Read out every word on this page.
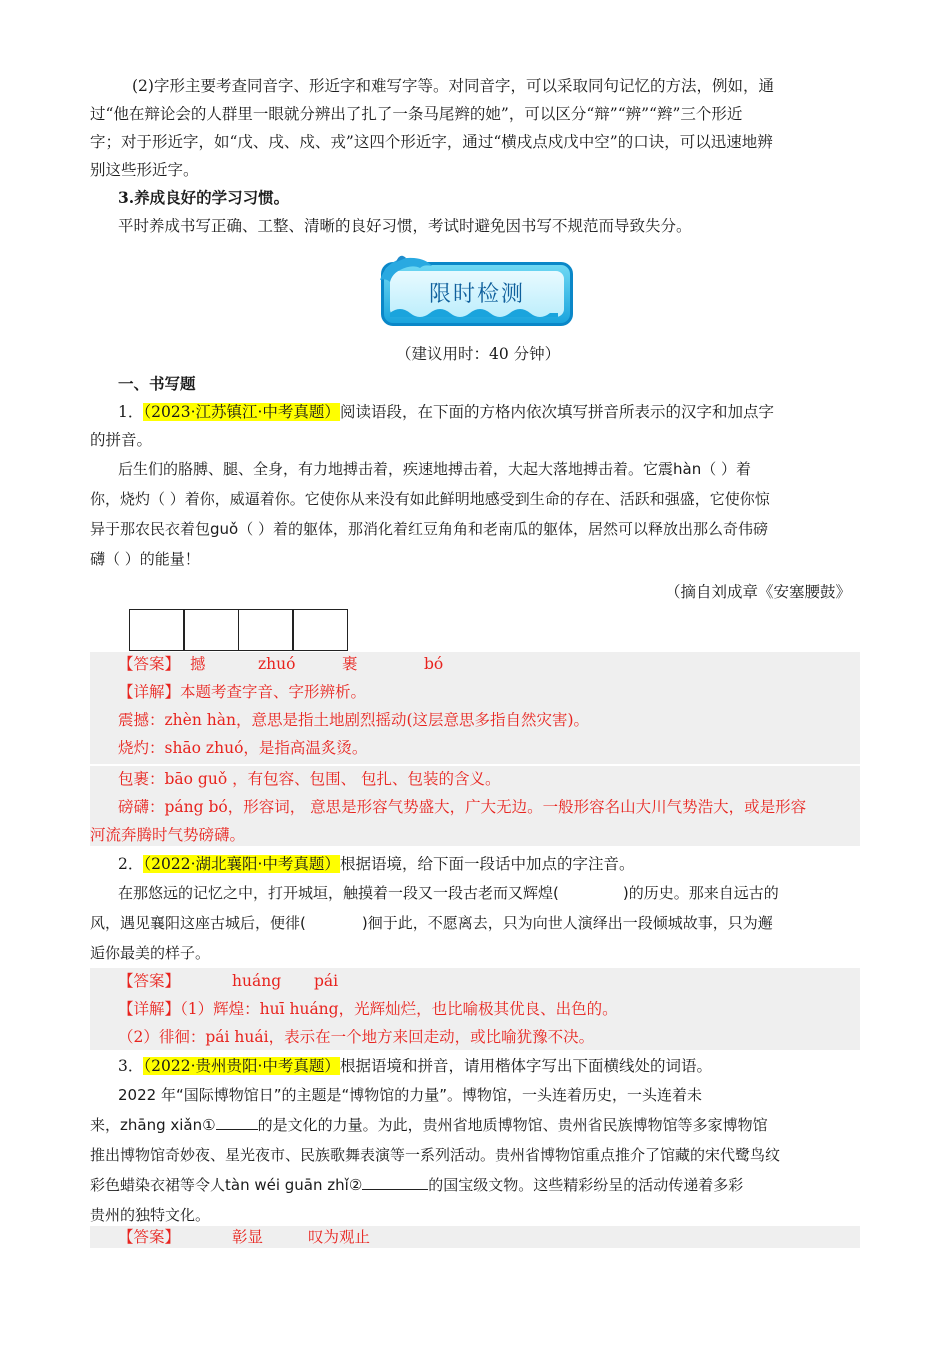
(2)字形主要考查同音字、形近字和难写字等。对同音字，可以采取同句记忆的方法，例如，通
过“他在辩论会的人群里一眼就分辨出了扎了一条马尾辫的她”，可以区分“辩”“辨”“辫”三个形近
字；对于形近字，如“戊、戌、戍、戎”这四个形近字，通过“横戌点戍戊中空”的口诀，可以迅速地辨
别这些形近字。
3.养成良好的学习习惯。
平时养成书写正确、工整、清晰的良好习惯，考试时避免因书写不规范而导致失分。
限时检测
（建议用时：40 分钟）
一、书写题
1．（2023·江苏镇江·中考真题）阅读语段，在下面的方格内依次填写拼音所表示的汉字和加点字
的拼音。
后生们的胳膊、腿、全身，有力地搏击着，疾速地搏击着，大起大落地搏击着。它震hàn（ ）着
你，烧灼（ ）着你，威逼着你。它使你从来没有如此鲜明地感受到生命的存在、活跃和强盛，它使你惊
异于那农民衣着包guǒ（ ）着的躯体，那消化着红豆角角和老南瓜的躯体，居然可以释放出那么奇伟磅
礴（ ）的能量！
（摘自刘成章《安塞腰鼓》
【答案】 撼	zhuó	裹	bó
【详解】本题考查字音、字形辨析。
震撼：zhèn hàn，意思是指土地剧烈摇动(这层意思多指自然灾害)。
烧灼：shāo zhuó，是指高温炙烫。
包裹：bāo guǒ ，有包容、包围、 包扎、包装的含义。
磅礴：páng bó，形容词， 意思是形容气势盛大，广大无边。一般形容名山大川气势浩大，或是形容
河流奔腾时气势磅礴。
2．（2022·湖北襄阳·中考真题）根据语境，给下面一段话中加点的字注音。
在那悠远的记忆之中，打开城垣，触摸着一段又一段古老而又辉煌(	)的历史。那来自远古的
风，遇见襄阳这座古城后，便徘(	)徊于此，不愿离去，只为向世人演绎出一段倾城故事，只为邂
逅你最美的样子。
【答案】	huáng pái
【详解】（1）辉煌：huī huáng，光辉灿烂，也比喻极其优良、出色的。
（2）徘徊：pái huái，表示在一个地方来回走动，或比喻犹豫不决。
3．（2022·贵州贵阳·中考真题）根据语境和拼音，请用楷体字写出下面横线处的词语。
2022 年“国际博物馆日”的主题是“博物馆的力量”。博物馆，一头连着历史，一头连着未
来，zhāng xiǎn①	的是文化的力量。为此，贵州省地质博物馆、贵州省民族博物馆等多家博物馆
推出博物馆奇妙夜、星光夜市、民族歌舞表演等一系列活动。贵州省博物馆重点推介了馆藏的宋代鹭鸟纹
彩色蜡染衣裙等令人tàn wéi guān zhǐ②	的国宝级文物。这些精彩纷呈的活动传递着多彩
贵州的独特文化。
【答案】	彰显	叹为观止
